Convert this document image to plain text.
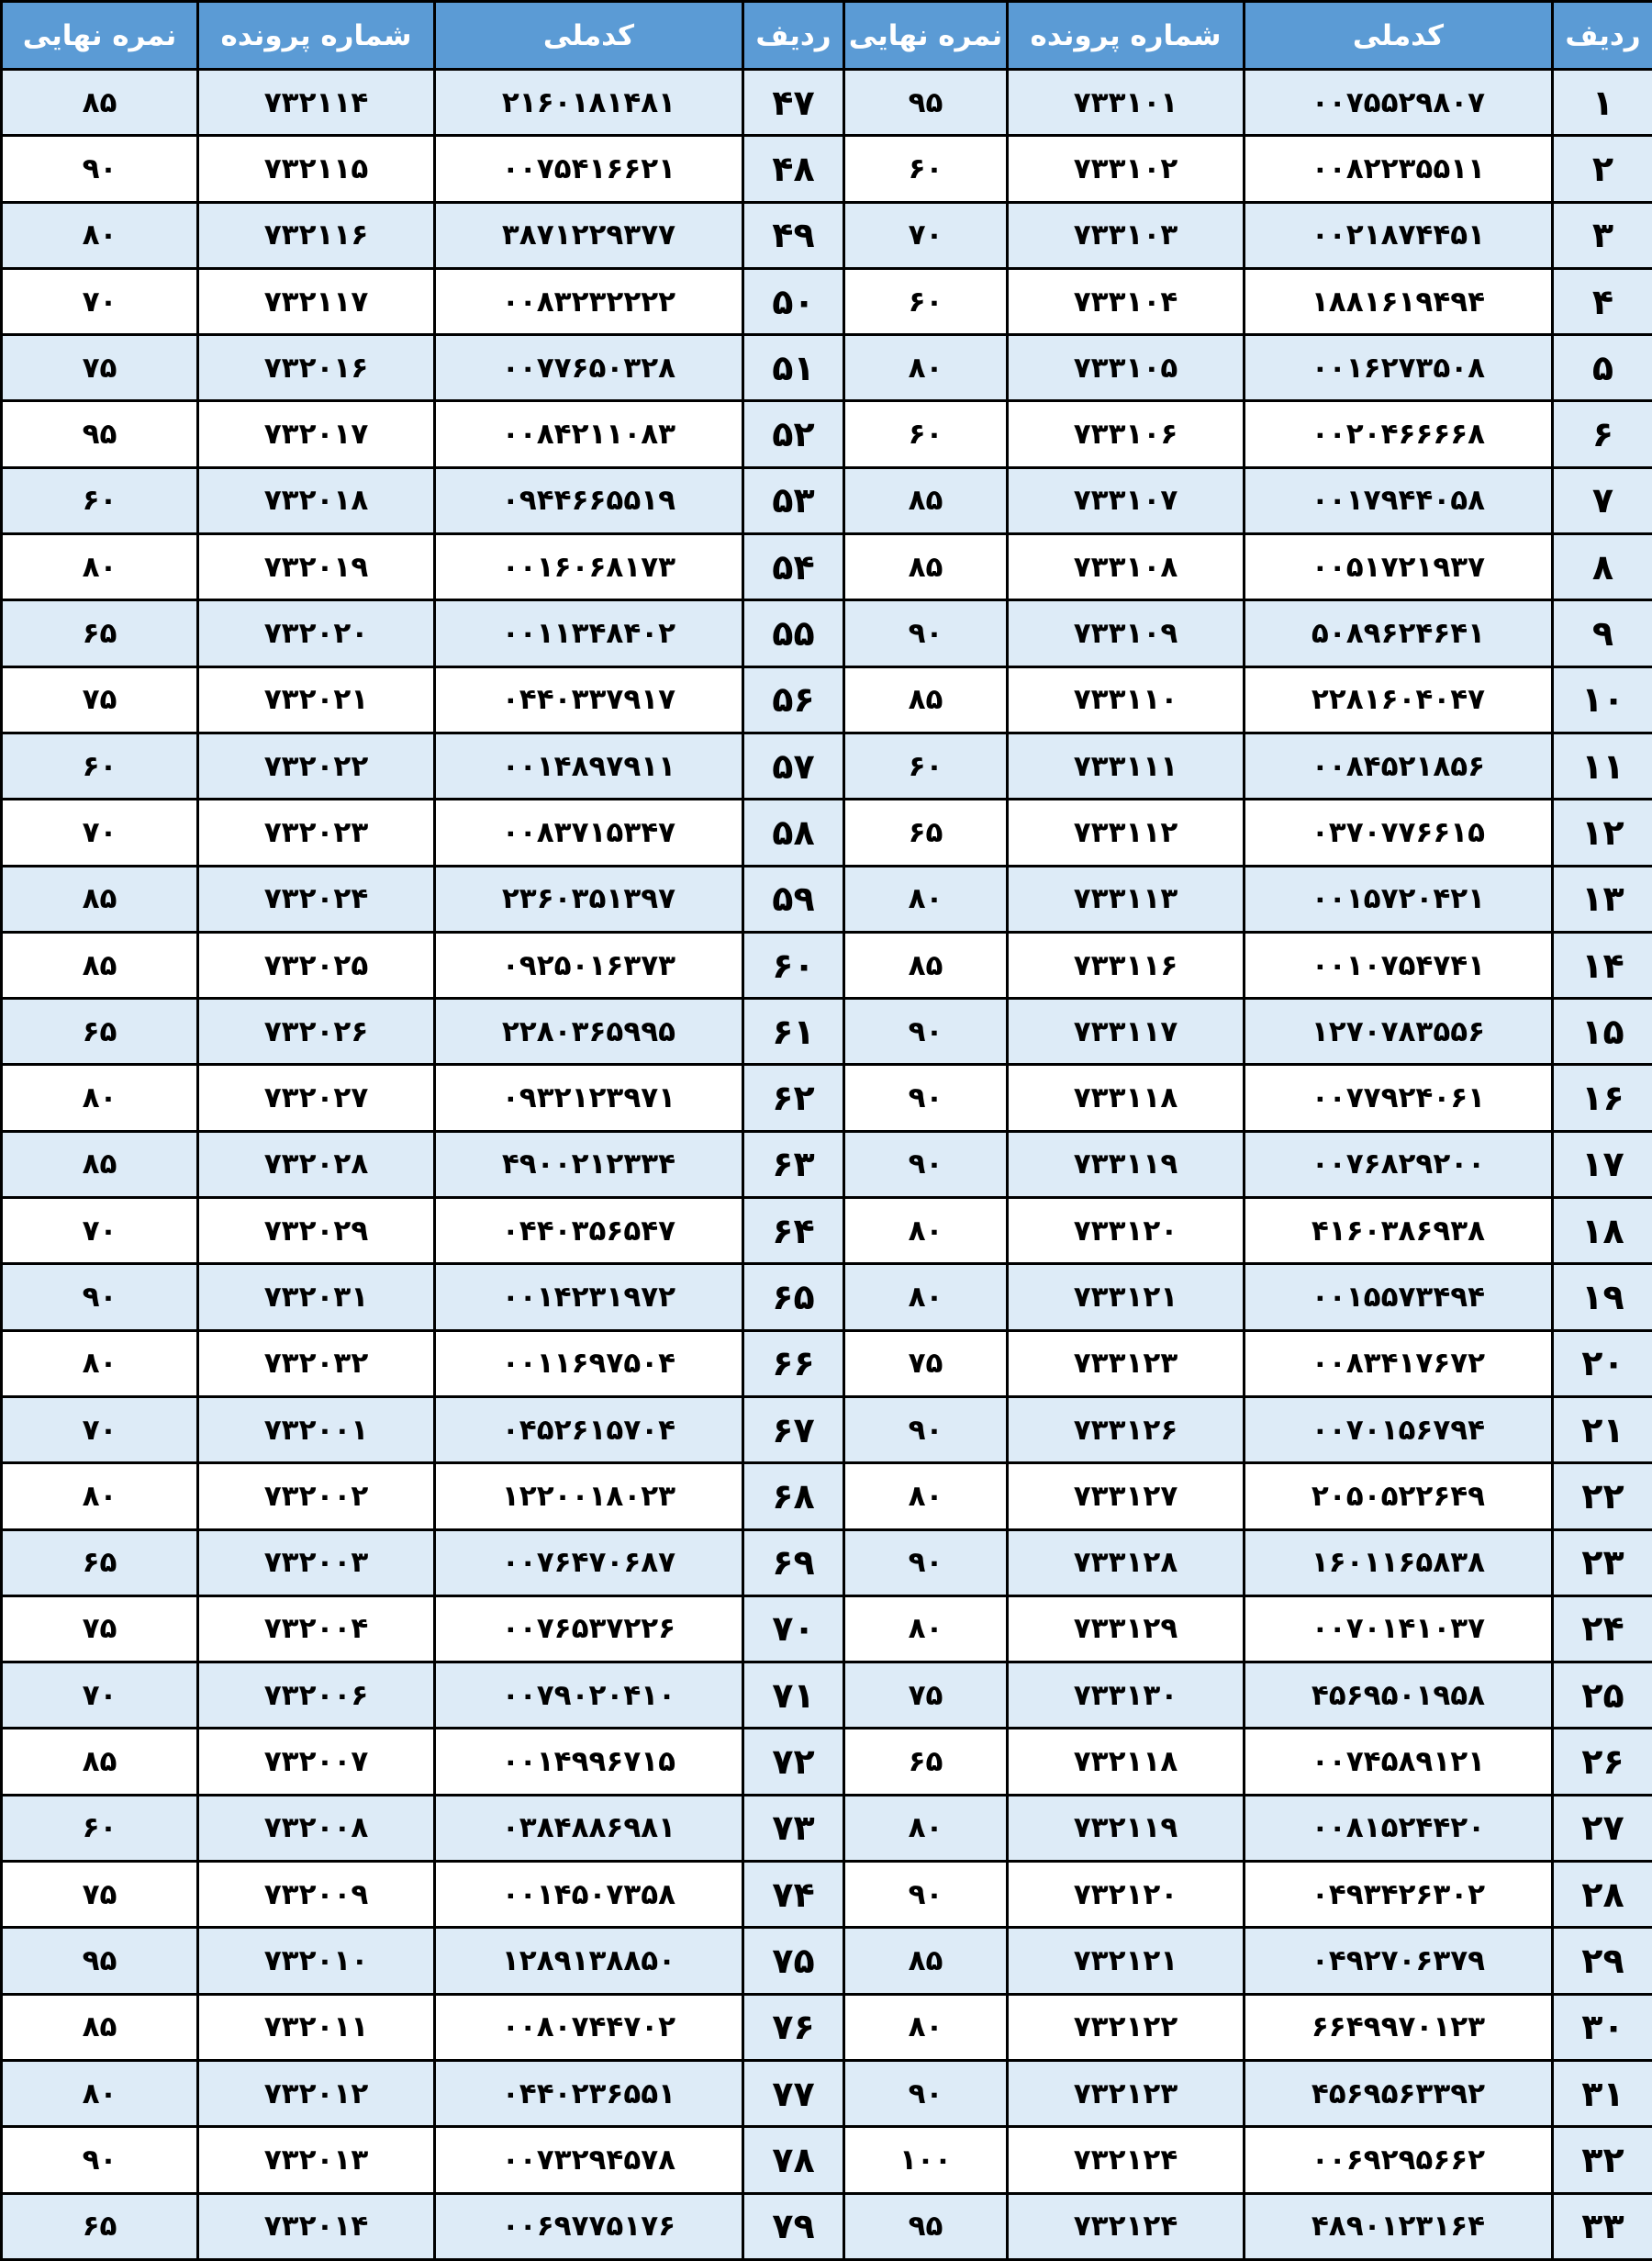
ردیف	کدملی	شماره پرونده	نمره نهایی	ردیف	کدملی	شماره پرونده	نمره نهایی
۱	۰۰۷۵۵۲۹۸۰۷	۷۳۳۱۰۱	۹۵	۴۷	۲۱۶۰۱۸۱۴۸۱	۷۳۲۱۱۴	۸۵
۲	۰۰۸۲۲۳۵۵۱۱	۷۳۳۱۰۲	۶۰	۴۸	۰۰۷۵۴۱۶۶۲۱	۷۳۲۱۱۵	۹۰
۳	۰۰۲۱۸۷۴۴۵۱	۷۳۳۱۰۳	۷۰	۴۹	۳۸۷۱۲۲۹۳۷۷	۷۳۲۱۱۶	۸۰
۴	۱۸۸۱۶۱۹۴۹۴	۷۳۳۱۰۴	۶۰	۵۰	۰۰۸۳۲۳۲۲۲۲	۷۳۲۱۱۷	۷۰
۵	۰۰۱۶۲۷۳۵۰۸	۷۳۳۱۰۵	۸۰	۵۱	۰۰۷۷۶۵۰۳۲۸	۷۳۲۰۱۶	۷۵
۶	۰۰۲۰۴۶۶۶۶۸	۷۳۳۱۰۶	۶۰	۵۲	۰۰۸۴۲۱۱۰۸۳	۷۳۲۰۱۷	۹۵
۷	۰۰۱۷۹۴۴۰۵۸	۷۳۳۱۰۷	۸۵	۵۳	۰۹۴۴۶۶۵۵۱۹	۷۳۲۰۱۸	۶۰
۸	۰۰۵۱۷۲۱۹۳۷	۷۳۳۱۰۸	۸۵	۵۴	۰۰۱۶۰۶۸۱۷۳	۷۳۲۰۱۹	۸۰
۹	۵۰۸۹۶۲۴۶۴۱	۷۳۳۱۰۹	۹۰	۵۵	۰۰۱۱۳۴۸۴۰۲	۷۳۲۰۲۰	۶۵
۱۰	۲۲۸۱۶۰۴۰۴۷	۷۳۳۱۱۰	۸۵	۵۶	۰۴۴۰۳۳۷۹۱۷	۷۳۲۰۲۱	۷۵
۱۱	۰۰۸۴۵۲۱۸۵۶	۷۳۳۱۱۱	۶۰	۵۷	۰۰۱۴۸۹۷۹۱۱	۷۳۲۰۲۲	۶۰
۱۲	۰۳۷۰۷۷۶۶۱۵	۷۳۳۱۱۲	۶۵	۵۸	۰۰۸۳۷۱۵۳۴۷	۷۳۲۰۲۳	۷۰
۱۳	۰۰۱۵۷۲۰۴۲۱	۷۳۳۱۱۳	۸۰	۵۹	۲۳۶۰۳۵۱۳۹۷	۷۳۲۰۲۴	۸۵
۱۴	۰۰۱۰۷۵۴۷۴۱	۷۳۳۱۱۶	۸۵	۶۰	۰۹۲۵۰۱۶۳۷۳	۷۳۲۰۲۵	۸۵
۱۵	۱۲۷۰۷۸۳۵۵۶	۷۳۳۱۱۷	۹۰	۶۱	۲۲۸۰۳۶۵۹۹۵	۷۳۲۰۲۶	۶۵
۱۶	۰۰۷۷۹۲۴۰۶۱	۷۳۳۱۱۸	۹۰	۶۲	۰۹۳۲۱۲۳۹۷۱	۷۳۲۰۲۷	۸۰
۱۷	۰۰۷۶۸۲۹۲۰۰	۷۳۳۱۱۹	۹۰	۶۳	۴۹۰۰۲۱۲۳۳۴	۷۳۲۰۲۸	۸۵
۱۸	۴۱۶۰۳۸۶۹۳۸	۷۳۳۱۲۰	۸۰	۶۴	۰۴۴۰۳۵۶۵۴۷	۷۳۲۰۲۹	۷۰
۱۹	۰۰۱۵۵۷۳۴۹۴	۷۳۳۱۲۱	۸۰	۶۵	۰۰۱۴۲۳۱۹۷۲	۷۳۲۰۳۱	۹۰
۲۰	۰۰۸۳۴۱۷۶۷۲	۷۳۳۱۲۳	۷۵	۶۶	۰۰۱۱۶۹۷۵۰۴	۷۳۲۰۳۲	۸۰
۲۱	۰۰۷۰۱۵۶۷۹۴	۷۳۳۱۲۶	۹۰	۶۷	۰۴۵۲۶۱۵۷۰۴	۷۳۲۰۰۱	۷۰
۲۲	۲۰۵۰۵۲۲۶۴۹	۷۳۳۱۲۷	۸۰	۶۸	۱۲۲۰۰۱۸۰۲۳	۷۳۲۰۰۲	۸۰
۲۳	۱۶۰۱۱۶۵۸۳۸	۷۳۳۱۲۸	۹۰	۶۹	۰۰۷۶۴۷۰۶۸۷	۷۳۲۰۰۳	۶۵
۲۴	۰۰۷۰۱۴۱۰۳۷	۷۳۳۱۲۹	۸۰	۷۰	۰۰۷۶۵۳۷۲۲۶	۷۳۲۰۰۴	۷۵
۲۵	۴۵۶۹۵۰۱۹۵۸	۷۳۳۱۳۰	۷۵	۷۱	۰۰۷۹۰۲۰۴۱۰	۷۳۲۰۰۶	۷۰
۲۶	۰۰۷۴۵۸۹۱۲۱	۷۳۲۱۱۸	۶۵	۷۲	۰۰۱۴۹۹۶۷۱۵	۷۳۲۰۰۷	۸۵
۲۷	۰۰۸۱۵۲۴۴۲۰	۷۳۲۱۱۹	۸۰	۷۳	۰۳۸۴۸۸۶۹۸۱	۷۳۲۰۰۸	۶۰
۲۸	۰۴۹۳۴۲۶۳۰۲	۷۳۲۱۲۰	۹۰	۷۴	۰۰۱۴۵۰۷۳۵۸	۷۳۲۰۰۹	۷۵
۲۹	۰۴۹۲۷۰۶۳۷۹	۷۳۲۱۲۱	۸۵	۷۵	۱۲۸۹۱۳۸۸۵۰	۷۳۲۰۱۰	۹۵
۳۰	۶۶۴۹۹۷۰۱۲۳	۷۳۲۱۲۲	۸۰	۷۶	۰۰۸۰۷۴۴۷۰۲	۷۳۲۰۱۱	۸۵
۳۱	۴۵۶۹۵۶۳۳۹۲	۷۳۲۱۲۳	۹۰	۷۷	۰۴۴۰۲۳۶۵۵۱	۷۳۲۰۱۲	۸۰
۳۲	۰۰۶۹۲۹۵۶۶۲	۷۳۲۱۲۴	۱۰۰	۷۸	۰۰۷۳۲۹۴۵۷۸	۷۳۲۰۱۳	۹۰
۳۳	۴۸۹۰۱۲۳۱۶۴	۷۳۲۱۲۴	۹۵	۷۹	۰۰۶۹۷۷۵۱۷۶	۷۳۲۰۱۴	۶۵
